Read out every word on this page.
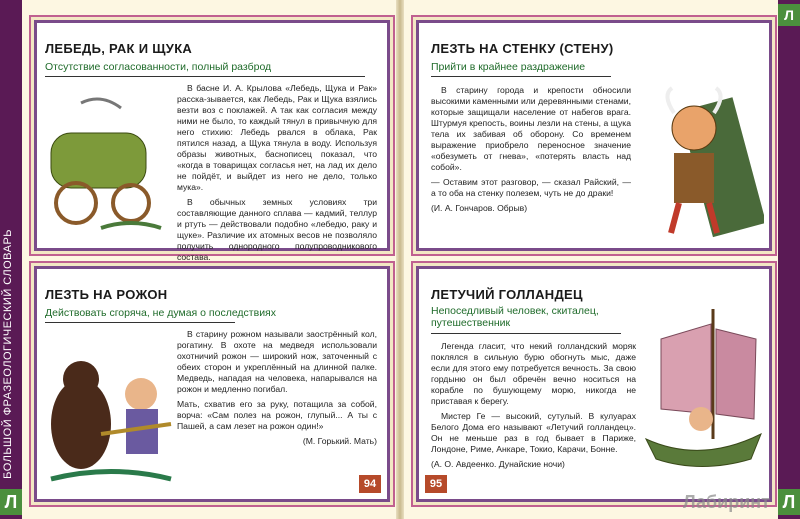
БОЛЬШОЙ ФРАЗЕОЛОГИЧЕСКИЙ СЛОВАРЬ
Л
Л
Л
ЛЕБЕДЬ, РАК И ЩУКА
Отсутствие согласованности, полный разброд

В басне И. А. Крылова «Лебедь, Щука и Рак» расска-зывается, как Лебедь, Рак и Щука взялись везти воз с поклажей. А так как согласия между ними не было, то каждый тянул в привычную для него стихию: Лебедь рвался в облака, Рак пятился назад, а Щука тянула в воду. Используя образы животных, баснописец показал, что «когда в товарищах согласья нет, на лад их дело не пойдёт, и выйдет из него не дело, только мука».

В обычных земных условиях три составляющие данного сплава — кадмий, теллур и ртуть — действовали подобно «лебедю, раку и щуке». Различие их атомных весов не позволяло получить однородного полупроводникового состава.

ЛЕЗТЬ НА СТЕНКУ (СТЕНУ)
Прийти в крайнее раздражение

В старину города и крепости обносили высокими каменными или деревянными стенами, которые защищали население от набегов врага. Штурмуя крепость, воины лезли на стены, а щука тела их забивая об оборону. Со временем выражение приобрело переносное значение «обезуметь от гнева», «потерять власть над собой».

— Оставим этот разговор, — сказал Райский, — а то оба на стенку полезем, чуть не до драки!

(И. А. Гончаров. Обрыв)

ЛЕЗТЬ НА РОЖОН
Действовать сгоряча, не думая о последствиях

В старину рожном называли заострённый кол, рогатину. В охоте на медведя использовали охотничий рожон — широкий нож, заточенный с обеих сторон и укреплённый на длинной палке. Медведь, нападая на человека, напарывался на рожон и медленно погибал.

Мать, схватив его за руку, потащила за собой, ворча: «Сам полез на рожон, глупый... А ты с Пашей, а сам лезет на рожон один!»

(М. Горький. Мать)

94
ЛЕТУЧИЙ ГОЛЛАНДЕЦ
Непоседливый человек, скиталец, путешественник

Легенда гласит, что некий голландский моряк поклялся в сильную бурю обогнуть мыс, даже если для этого ему потребуется вечность. За свою гордыню он был обречён вечно носиться на корабле по бушующему морю, никогда не приставая к берегу.

Мистер Ге — высокий, сутулый. В кулуарах Белого Дома его называют «Летучий голландец». Он не меньше раз в год бывает в Париже, Лондоне, Риме, Анкаре, Токио, Карачи, Бонне.

(А. О. Авдеенко. Дунайские ночи)

95
Лабиринт
